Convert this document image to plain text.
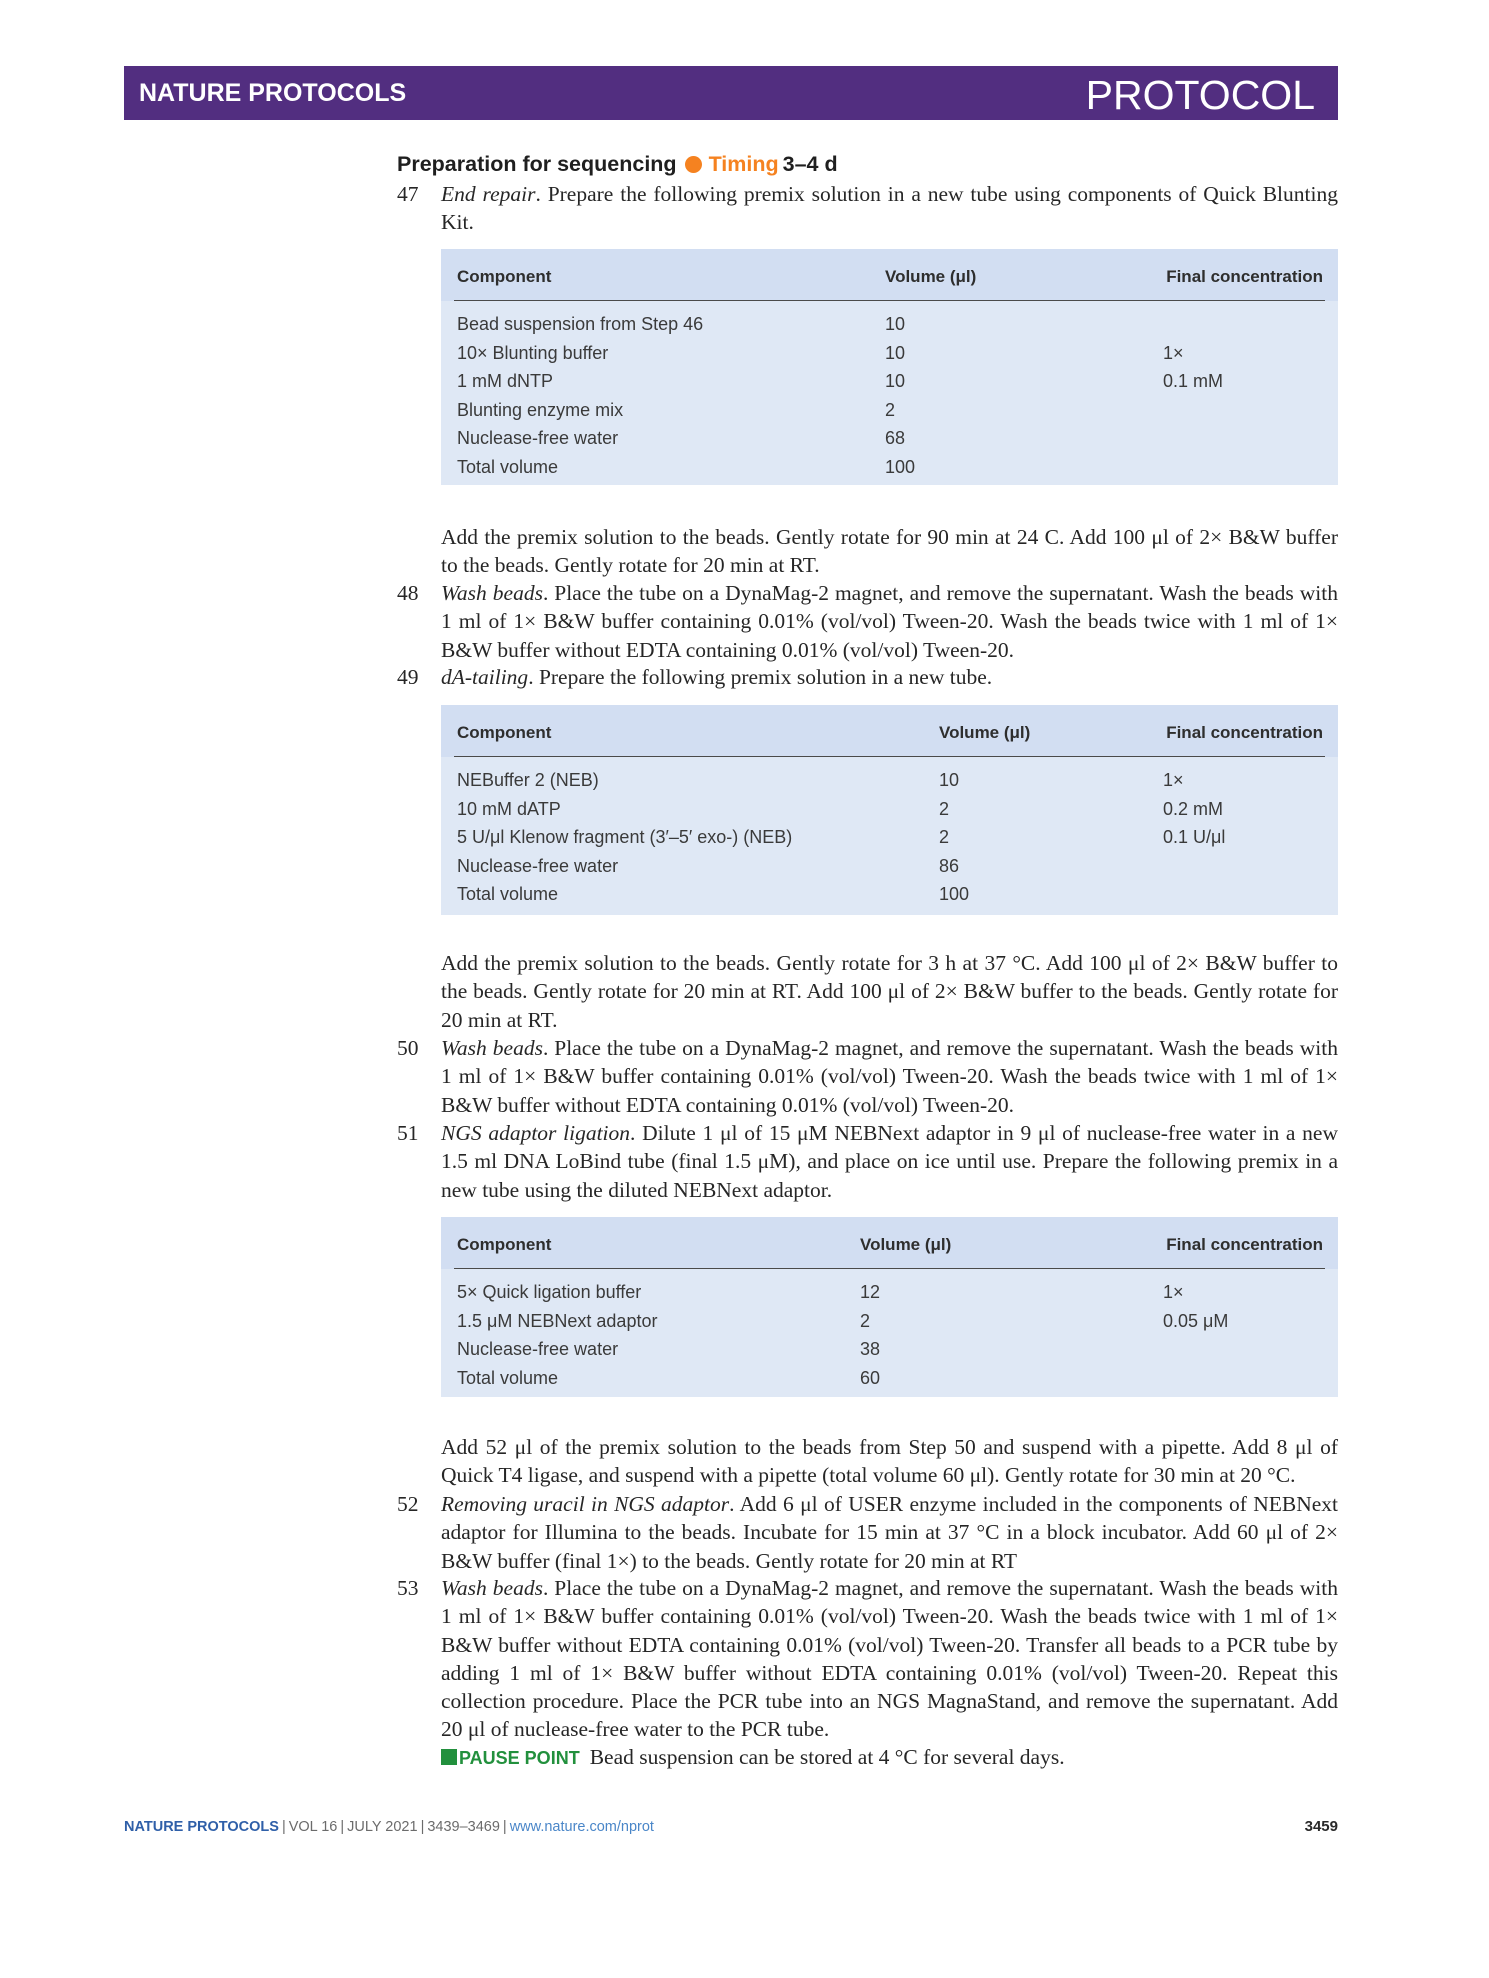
NATURE PROTOCOLS	PROTOCOL
Preparation for sequencing Timing 3–4 d
47 End repair. Prepare the following premix solution in a new tube using components of Quick Blunting Kit.
Component	Volume (μl)	Final concentration
Bead suspension from Step 46	10
10× Blunting buffer	10	1×
1 mM dNTP	10	0.1 mM
Blunting enzyme mix	2
Nuclease-free water	68
Total volume	100
Add the premix solution to the beads. Gently rotate for 90 min at 24 C. Add 100 μl of 2× B&W buffer to the beads. Gently rotate for 20 min at RT.
48 Wash beads. Place the tube on a DynaMag-2 magnet, and remove the supernatant. Wash the beads with 1 ml of 1× B&W buffer containing 0.01% (vol/vol) Tween-20. Wash the beads twice with 1 ml of 1× B&W buffer without EDTA containing 0.01% (vol/vol) Tween-20.
49 dA-tailing. Prepare the following premix solution in a new tube.
Component	Volume (μl)	Final concentration
NEBuffer 2 (NEB)	10	1×
10 mM dATP	2	0.2 mM
5 U/μl Klenow fragment (3′–5′ exo-) (NEB)	2	0.1 U/μl
Nuclease-free water	86
Total volume	100
Add the premix solution to the beads. Gently rotate for 3 h at 37 °C. Add 100 μl of 2× B&W buffer to the beads. Gently rotate for 20 min at RT. Add 100 μl of 2× B&W buffer to the beads. Gently rotate for 20 min at RT.
50 Wash beads. Place the tube on a DynaMag-2 magnet, and remove the supernatant. Wash the beads with 1 ml of 1× B&W buffer containing 0.01% (vol/vol) Tween-20. Wash the beads twice with 1 ml of 1× B&W buffer without EDTA containing 0.01% (vol/vol) Tween-20.
51 NGS adaptor ligation. Dilute 1 μl of 15 μM NEBNext adaptor in 9 μl of nuclease-free water in a new 1.5 ml DNA LoBind tube (final 1.5 μM), and place on ice until use. Prepare the following premix in a new tube using the diluted NEBNext adaptor.
Component	Volume (μl)	Final concentration
5× Quick ligation buffer	12	1×
1.5 μM NEBNext adaptor	2	0.05 μM
Nuclease-free water	38
Total volume	60
Add 52 μl of the premix solution to the beads from Step 50 and suspend with a pipette. Add 8 μl of Quick T4 ligase, and suspend with a pipette (total volume 60 μl). Gently rotate for 30 min at 20 °C.
52 Removing uracil in NGS adaptor. Add 6 μl of USER enzyme included in the components of NEBNext adaptor for Illumina to the beads. Incubate for 15 min at 37 °C in a block incubator. Add 60 μl of 2× B&W buffer (final 1×) to the beads. Gently rotate for 20 min at RT
53 Wash beads. Place the tube on a DynaMag-2 magnet, and remove the supernatant. Wash the beads with 1 ml of 1× B&W buffer containing 0.01% (vol/vol) Tween-20. Wash the beads twice with 1 ml of 1× B&W buffer without EDTA containing 0.01% (vol/vol) Tween-20. Transfer all beads to a PCR tube by adding 1 ml of 1× B&W buffer without EDTA containing 0.01% (vol/vol) Tween-20. Repeat this collection procedure. Place the PCR tube into an NGS MagnaStand, and remove the supernatant. Add 20 μl of nuclease-free water to the PCR tube.
PAUSE POINT Bead suspension can be stored at 4 °C for several days.
NATURE PROTOCOLS | VOL 16 | JULY 2021 | 3439–3469 | www.nature.com/nprot	3459
